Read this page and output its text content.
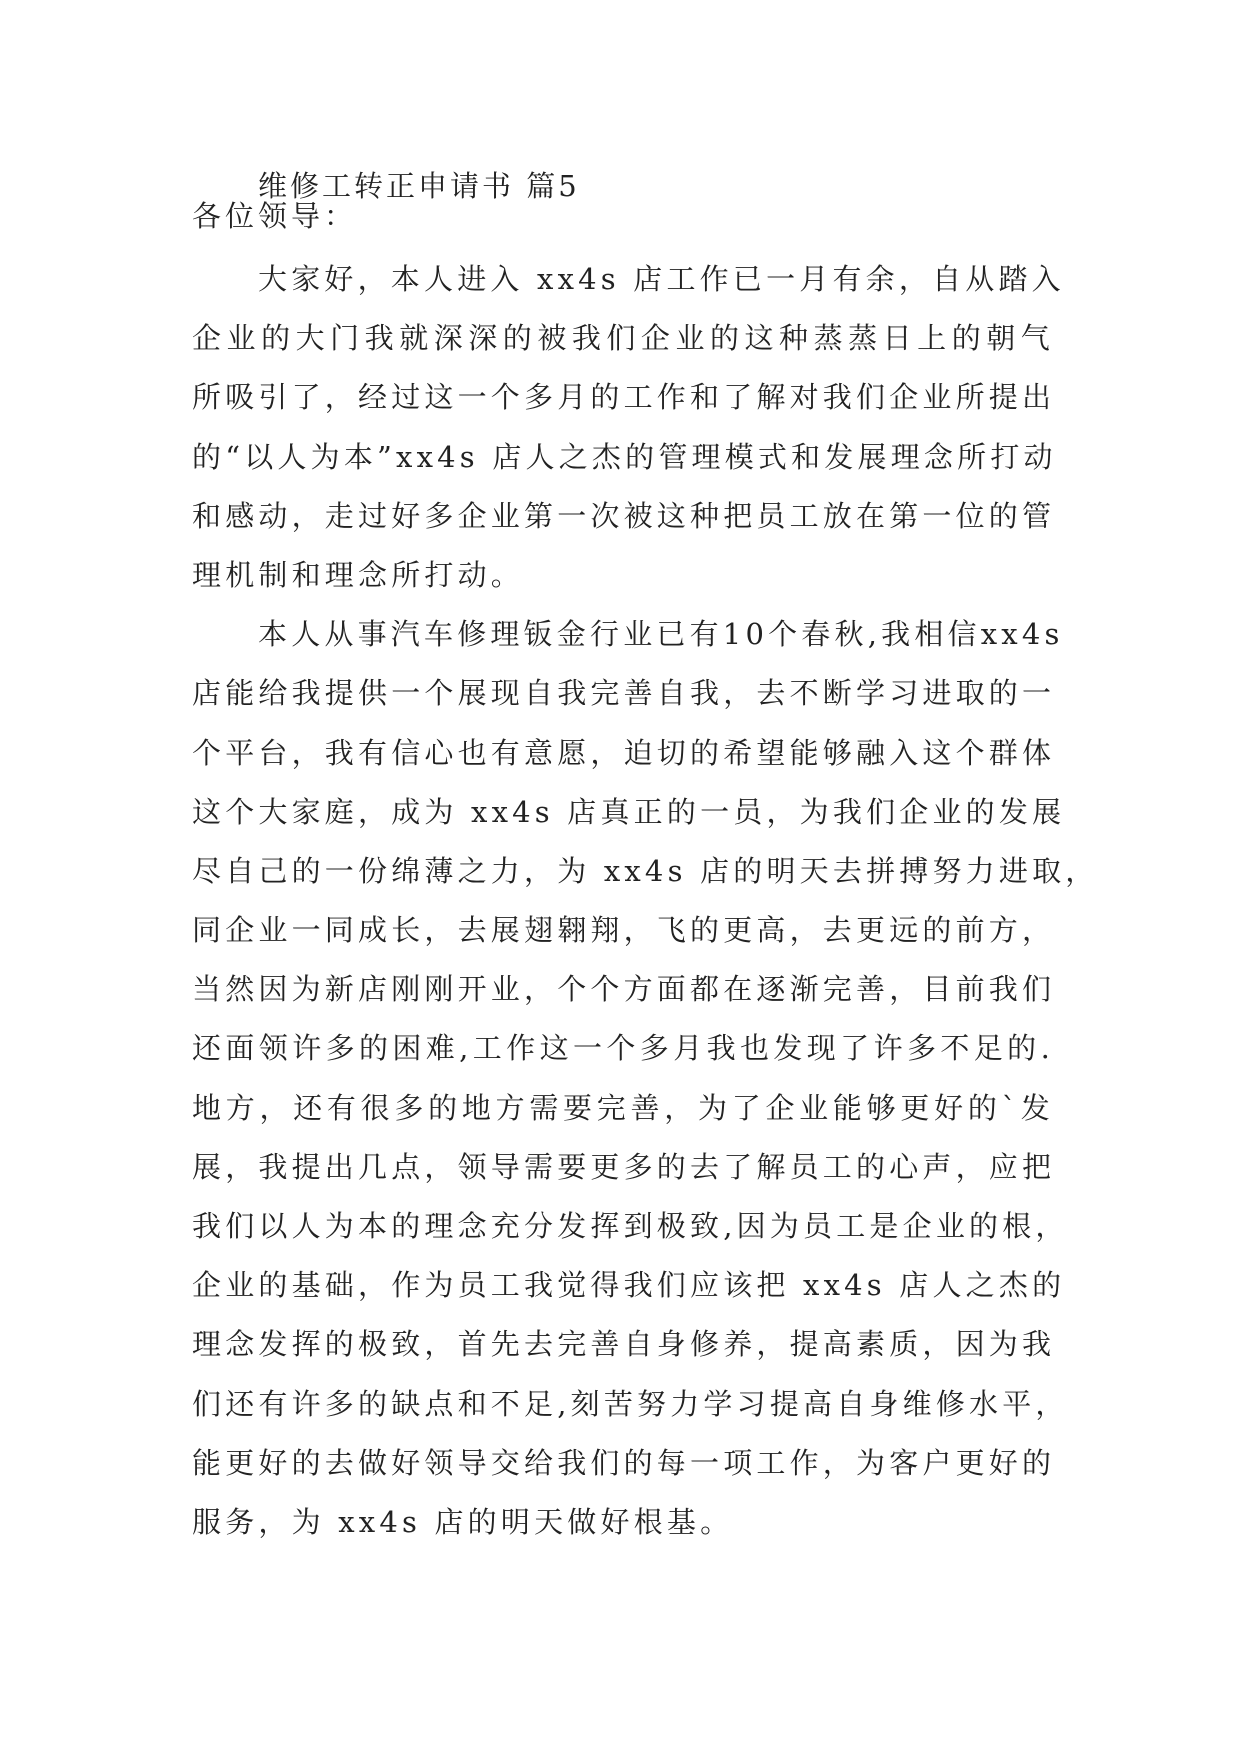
维修工转正申请书 篇5
各位领导：
大家好，本人进入 xx4s 店工作已一月有余，自从踏入
企业的大门我就深深的被我们企业的这种蒸蒸日上的朝气
所吸引了，经过这一个多月的工作和了解对我们企业所提出
的“以人为本”xx4s 店人之杰的管理模式和发展理念所打动
和感动，走过好多企业第一次被这种把员工放在第一位的管
理机制和理念所打动。
本人从事汽车修理钣金行业已有10个春秋,我相信xx4s
店能给我提供一个展现自我完善自我，去不断学习进取的一
个平台，我有信心也有意愿，迫切的希望能够融入这个群体
这个大家庭，成为 xx4s 店真正的一员，为我们企业的发展
尽自己的一份绵薄之力，为 xx4s 店的明天去拼搏努力进取，
同企业一同成长，去展翅翱翔，飞的更高，去更远的前方，
当然因为新店刚刚开业，个个方面都在逐渐完善，目前我们
还面领许多的困难,工作这一个多月我也发现了许多不足的.
地方，还有很多的地方需要完善，为了企业能够更好的`发
展，我提出几点，领导需要更多的去了解员工的心声，应把
我们以人为本的理念充分发挥到极致,因为员工是企业的根，
企业的基础，作为员工我觉得我们应该把 xx4s 店人之杰的
理念发挥的极致，首先去完善自身修养，提高素质，因为我
们还有许多的缺点和不足,刻苦努力学习提高自身维修水平，
能更好的去做好领导交给我们的每一项工作，为客户更好的
服务，为 xx4s 店的明天做好根基。
